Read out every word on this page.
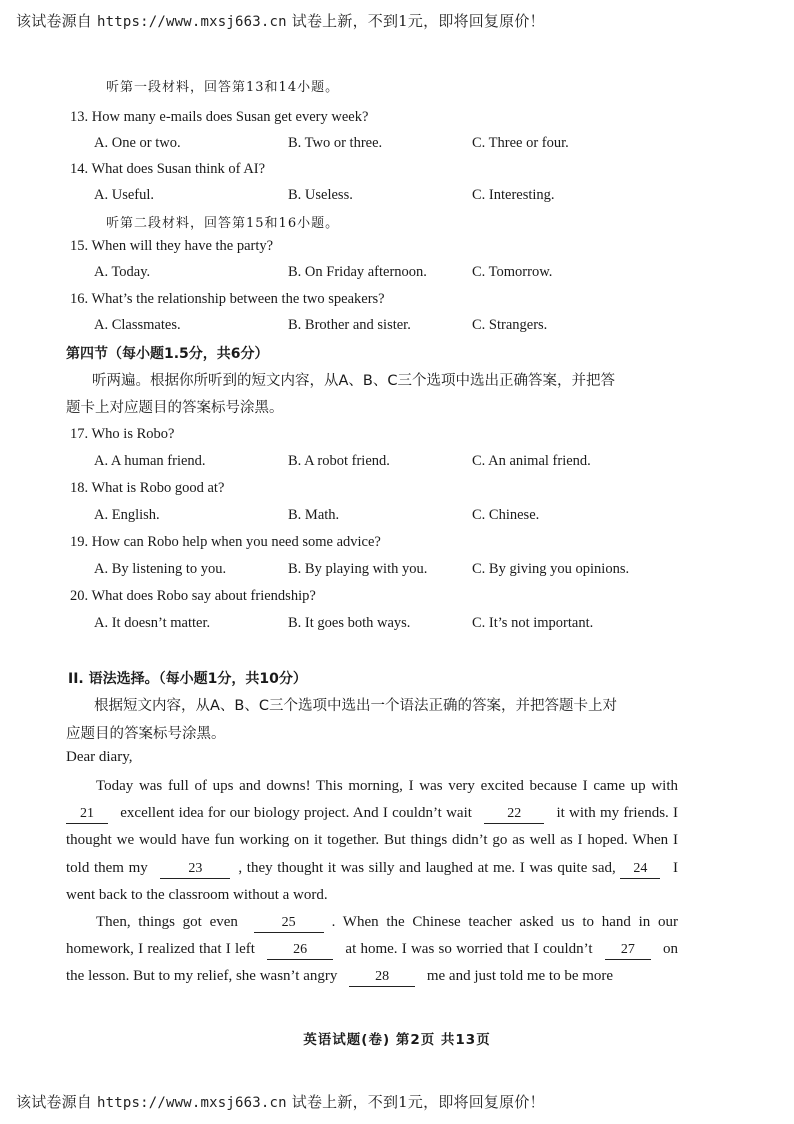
该试卷源自 https://www.mxsj663.cn 试卷上新，不到1元，即将回复原价！
听第一段材料，回答第13和14小题。
13. How many e-mails does Susan get every week?
A. One or two.	B. Two or three.	C. Three or four.
14. What does Susan think of AI?
A. Useful.	B. Useless.	C. Interesting.
听第二段材料，回答第15和16小题。
15. When will they have the party?
A. Today.	B. On Friday afternoon.	C. Tomorrow.
16. What’s the relationship between the two speakers?
A. Classmates.	B. Brother and sister.	C. Strangers.
第四节（每小题1.5分，共6分）
听两遍。根据你所听到的短文内容，从A、B、C三个选项中选出正确答案，并把答
题卡上对应题目的答案标号涂黑。
17. Who is Robo?
A. A human friend.	B. A robot friend.	C. An animal friend.
18. What is Robo good at?
A. English.	B. Math.	C. Chinese.
19. How can Robo help when you need some advice?
A. By listening to you.	B. By playing with you.	C. By giving you opinions.
20. What does Robo say about friendship?
A. It doesn’t matter.	B. It goes both ways.	C. It’s not important.
II. 语法选择。（每小题1分，共10分）
根据短文内容，从A、B、C三个选项中选出一个语法正确的答案，并把答题卡上对
应题目的答案标号涂黑。
Dear diary,
Today was full of ups and downs! This morning, I was very excited because I came up with 21 excellent idea for our biology project. And I couldn’t wait	22 it with my friends. I thought we would have fun working on it together. But things didn’t go as well as I hoped. When I told them my	23 , they thought it was silly and laughed at me. I was quite sad, 24 I went back to the classroom without a word.
Then, things got even	25 . When the Chinese teacher asked us to hand in our homework, I realized that I left	26	at home. I was so worried that I couldn’t 27 on the lesson. But to my relief, she wasn’t angry	28	me and just told me to be more
英语试题(卷) 第2页 共13页
该试卷源自 https://www.mxsj663.cn 试卷上新，不到1元，即将回复原价！
